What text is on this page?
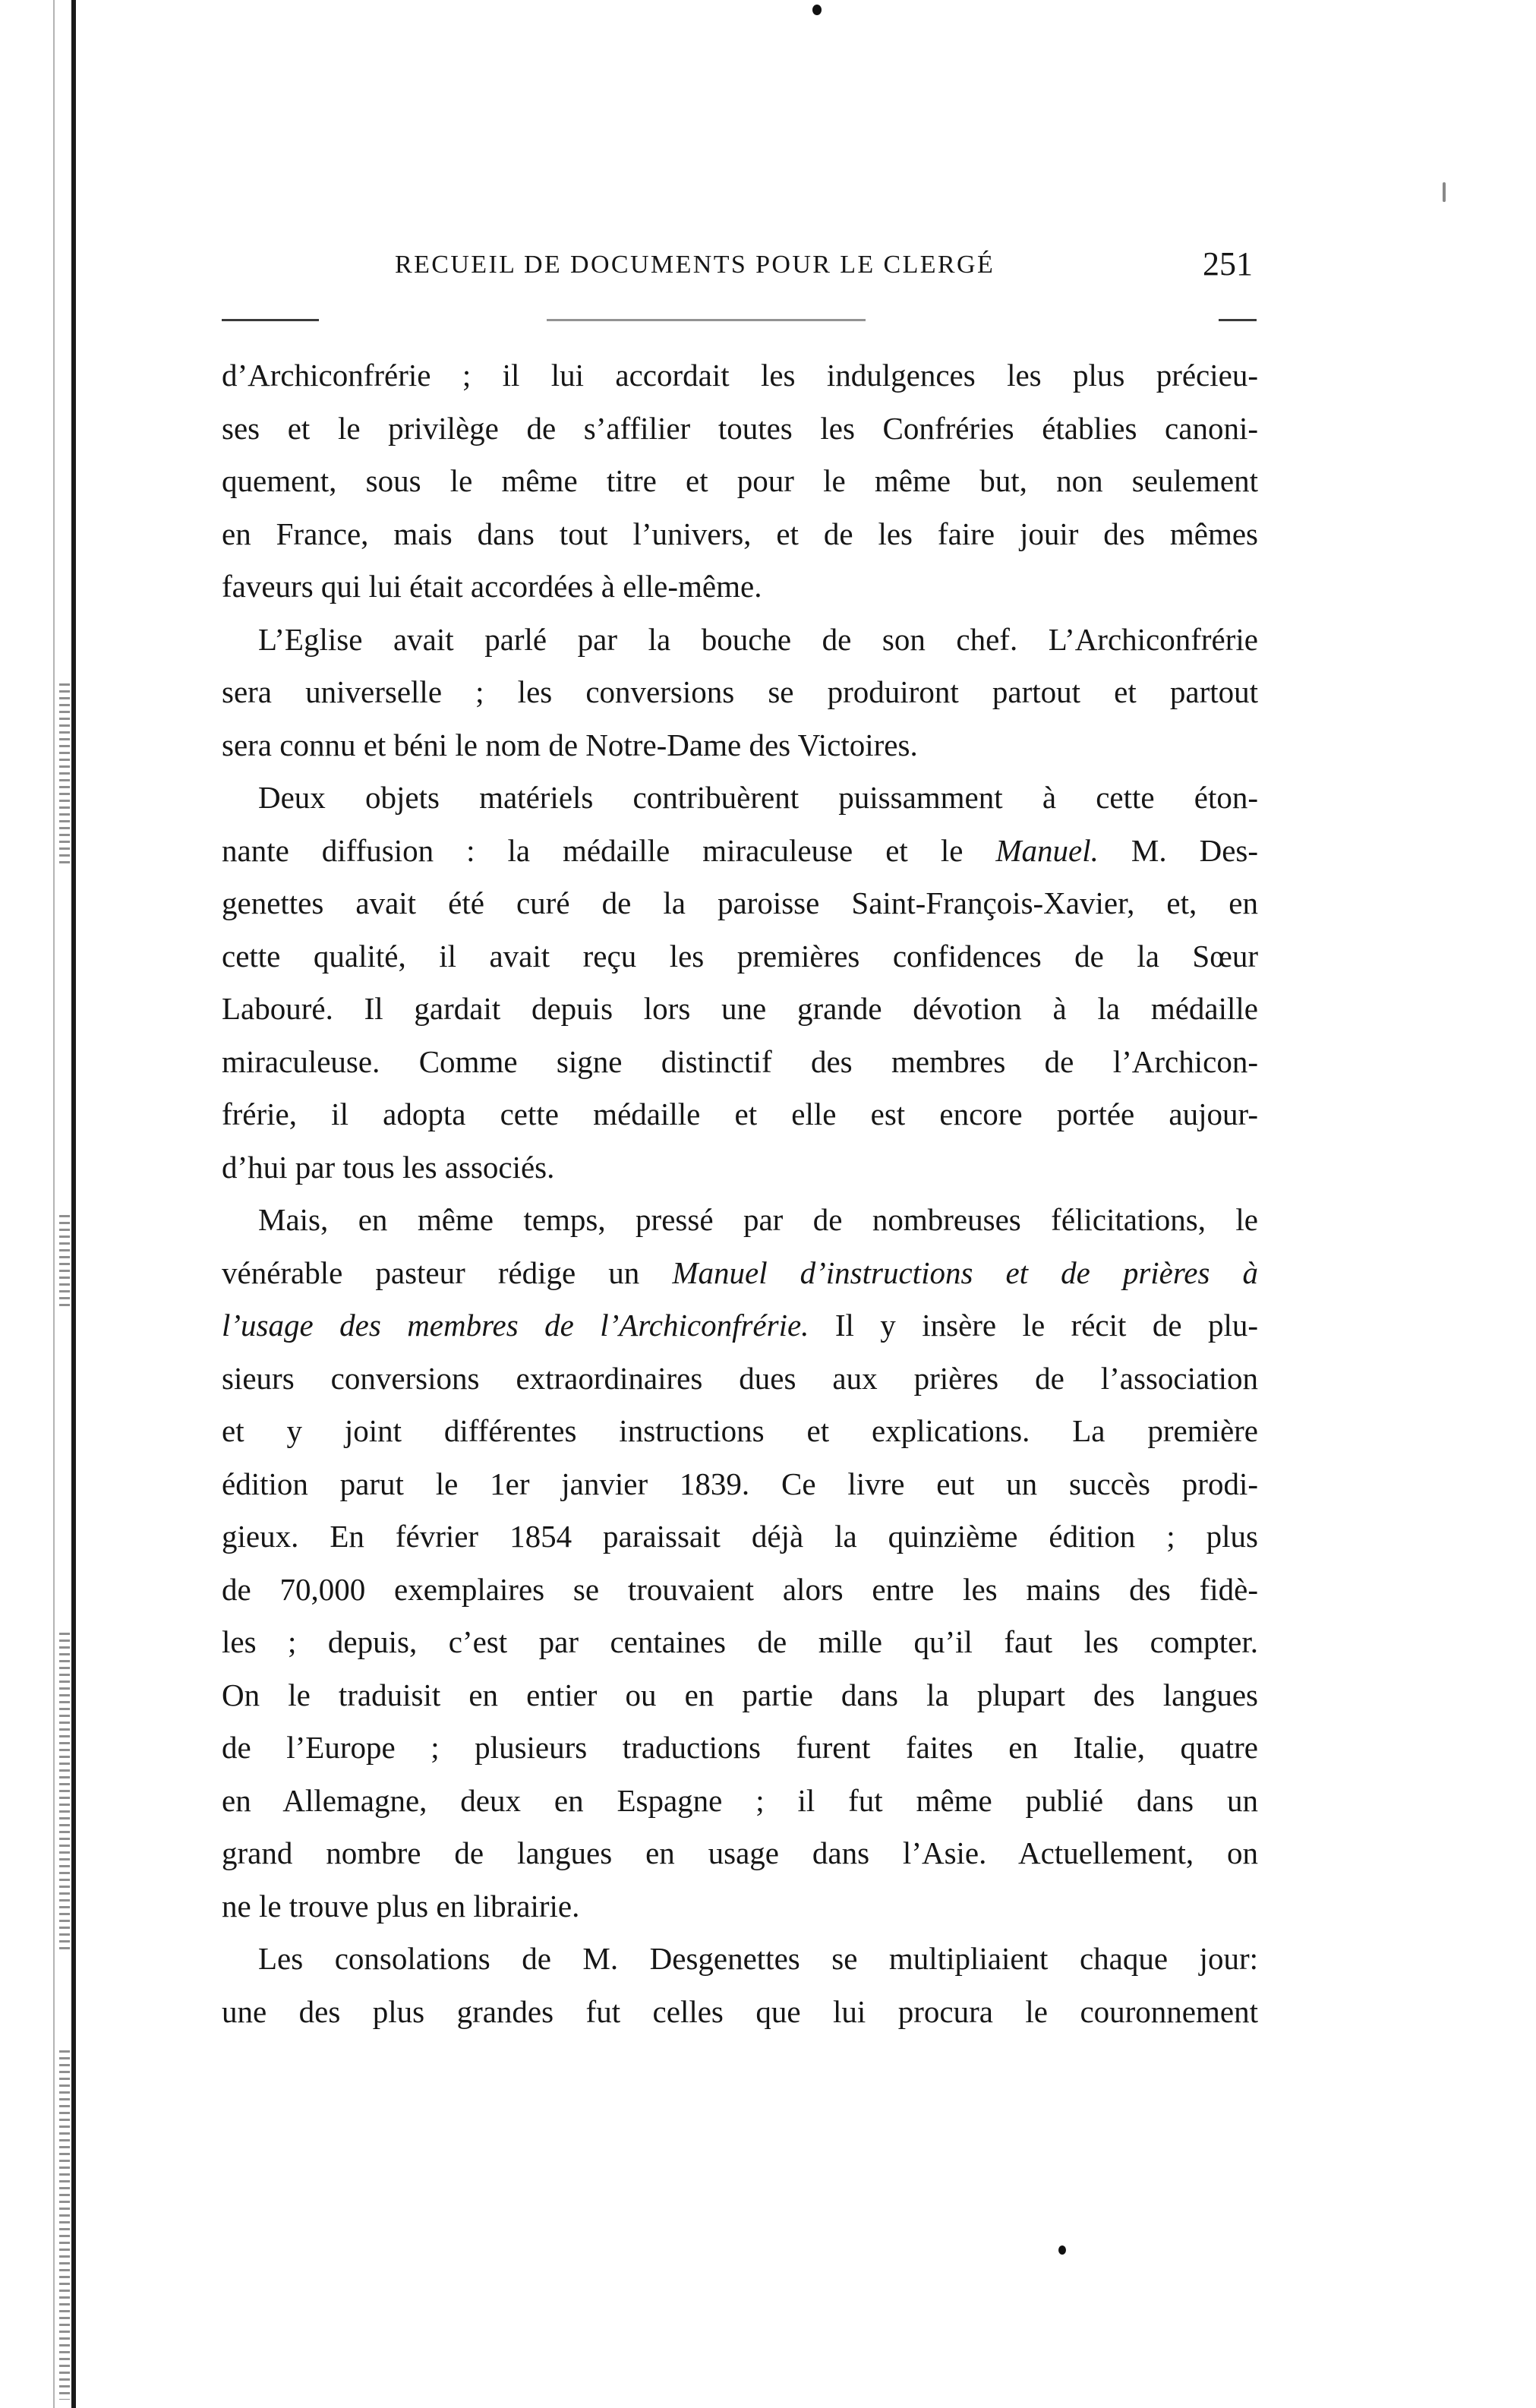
RECUEIL DE DOCUMENTS POUR LE CLERGÉ	251
d’Archiconfrérie ; il lui accordait les indulgences les plus précieu-
ses et le privilège de s’affilier toutes les Confréries établies canoni-
quement, sous le même titre et pour le même but, non seulement
en France, mais dans tout l’univers, et de les faire jouir des mêmes
faveurs qui lui était accordées à elle-même.
L’Eglise avait parlé par la bouche de son chef. L’Archiconfrérie
sera universelle ; les conversions se produiront partout et partout
sera connu et béni le nom de Notre-Dame des Victoires.
Deux objets matériels contribuèrent puissamment à cette éton-
nante diffusion : la médaille miraculeuse et le Manuel. M. Des-
genettes avait été curé de la paroisse Saint-François-Xavier, et, en
cette qualité, il avait reçu les premières confidences de la Sœur
Labouré. Il gardait depuis lors une grande dévotion à la médaille
miraculeuse. Comme signe distinctif des membres de l’Archicon-
frérie, il adopta cette médaille et elle est encore portée aujour-
d’hui par tous les associés.
Mais, en même temps, pressé par de nombreuses félicitations, le
vénérable pasteur rédige un Manuel d’instructions et de prières à
l’usage des membres de l’Archiconfrérie. Il y insère le récit de plu-
sieurs conversions extraordinaires dues aux prières de l’association
et y joint différentes instructions et explications. La première
édition parut le 1er janvier 1839. Ce livre eut un succès prodi-
gieux. En février 1854 paraissait déjà la quinzième édition ; plus
de 70,000 exemplaires se trouvaient alors entre les mains des fidè-
les ; depuis, c’est par centaines de mille qu’il faut les compter.
On le traduisit en entier ou en partie dans la plupart des langues
de l’Europe ; plusieurs traductions furent faites en Italie, quatre
en Allemagne, deux en Espagne ; il fut même publié dans un
grand nombre de langues en usage dans l’Asie. Actuellement, on
ne le trouve plus en librairie.
Les consolations de M. Desgenettes se multipliaient chaque jour:
une des plus grandes fut celles que lui procura le couronnement
